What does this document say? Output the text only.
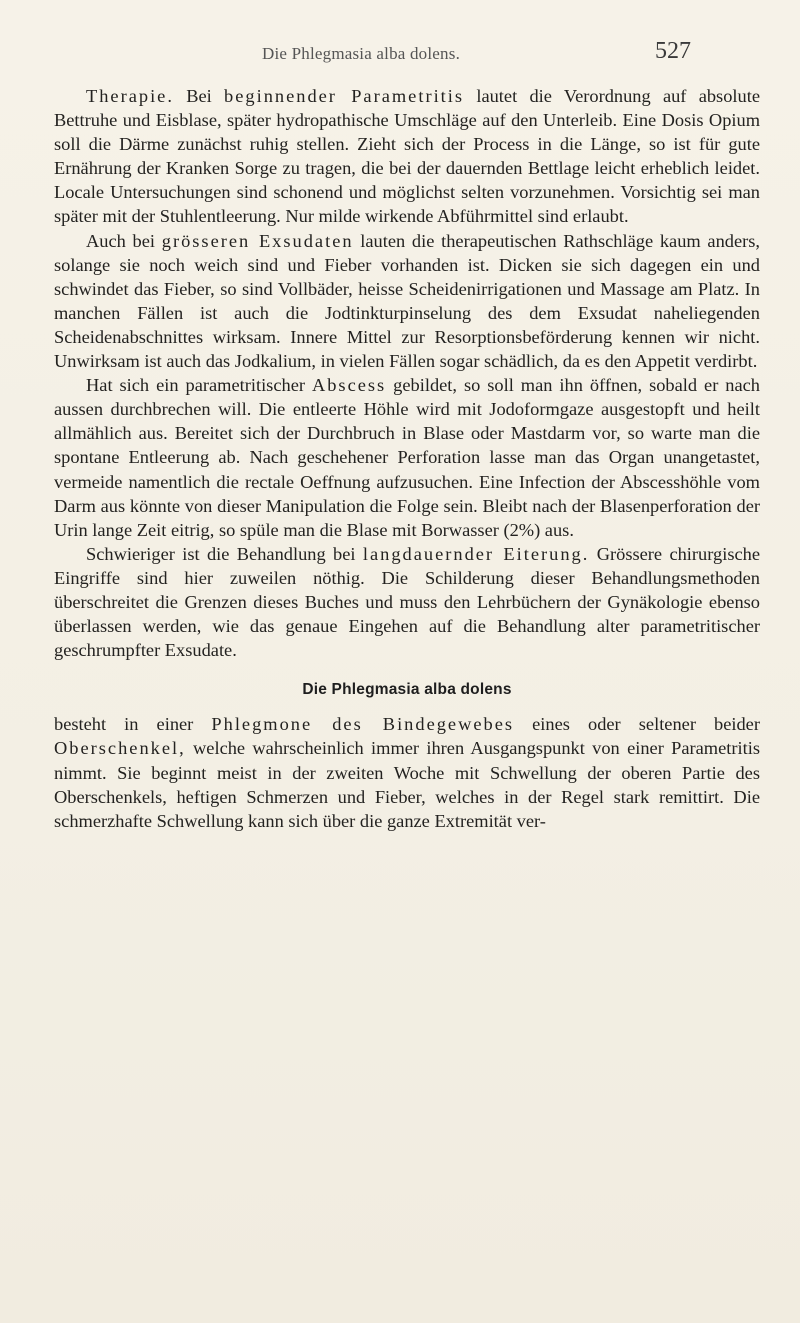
Die Phlegmasia alba dolens.	527

Therapie. Bei beginnender Parametritis lautet die Verordnung auf absolute Bettruhe und Eisblase, später hydropathische Umschläge auf den Unterleib. Eine Dosis Opium soll die Därme zunächst ruhig stellen. Zieht sich der Process in die Länge, so ist für gute Ernährung der Kranken Sorge zu tragen, die bei der dauernden Bettlage leicht erheblich leidet. Locale Untersuchungen sind schonend und möglichst selten vorzunehmen. Vorsichtig sei man später mit der Stuhlentleerung. Nur milde wirkende Abführmittel sind erlaubt.

Auch bei grösseren Exsudaten lauten die therapeutischen Rathschläge kaum anders, solange sie noch weich sind und Fieber vorhanden ist. Dicken sie sich dagegen ein und schwindet das Fieber, so sind Vollbäder, heisse Scheidenirrigationen und Massage am Platz. In manchen Fällen ist auch die Jodtinkturpinselung des dem Exsudat naheliegenden Scheidenabschnittes wirksam. Innere Mittel zur Resorptionsbeförderung kennen wir nicht. Unwirksam ist auch das Jodkalium, in vielen Fällen sogar schädlich, da es den Appetit verdirbt.

Hat sich ein parametritischer Abscess gebildet, so soll man ihn öffnen, sobald er nach aussen durchbrechen will. Die entleerte Höhle wird mit Jodoformgaze ausgestopft und heilt allmählich aus. Bereitet sich der Durchbruch in Blase oder Mastdarm vor, so warte man die spontane Entleerung ab. Nach geschehener Perforation lasse man das Organ unangetastet, vermeide namentlich die rectale Oeffnung aufzusuchen. Eine Infection der Abscesshöhle vom Darm aus könnte von dieser Manipulation die Folge sein. Bleibt nach der Blasenperforation der Urin lange Zeit eitrig, so spüle man die Blase mit Borwasser (2%) aus.

Schwieriger ist die Behandlung bei langdauernder Eiterung. Grössere chirurgische Eingriffe sind hier zuweilen nöthig. Die Schilderung dieser Behandlungsmethoden überschreitet die Grenzen dieses Buches und muss den Lehrbüchern der Gynäkologie ebenso überlassen werden, wie das genaue Eingehen auf die Behandlung alter parametritischer geschrumpfter Exsudate.

Die Phlegmasia alba dolens

besteht in einer Phlegmone des Bindegewebes eines oder seltener beider Oberschenkel, welche wahrscheinlich immer ihren Ausgangspunkt von einer Parametritis nimmt. Sie beginnt meist in der zweiten Woche mit Schwellung der oberen Partie des Oberschenkels, heftigen Schmerzen und Fieber, welches in der Regel stark remittirt. Die schmerzhafte Schwellung kann sich über die ganze Extremität ver-
